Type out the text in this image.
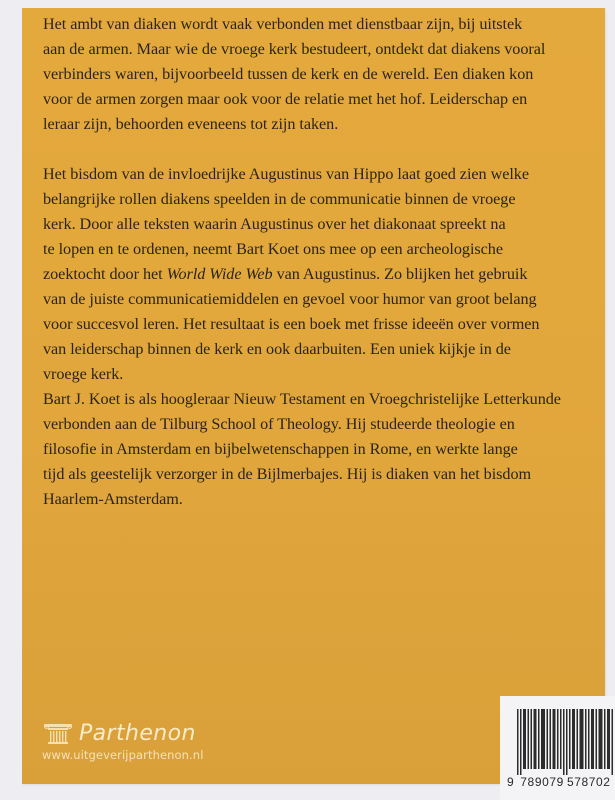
Het ambt van diaken wordt vaak verbonden met dienstbaar zijn, bij uitstek
aan de armen. Maar wie de vroege kerk bestudeert, ontdekt dat diakens vooral
verbinders waren, bijvoorbeeld tussen de kerk en de wereld. Een diaken kon
voor de armen zorgen maar ook voor de relatie met het hof. Leiderschap en
leraar zijn, behoorden eveneens tot zijn taken.
Het bisdom van de invloedrijke Augustinus van Hippo laat goed zien welke
belangrijke rollen diakens speelden in de communicatie binnen de vroege
kerk. Door alle teksten waarin Augustinus over het diakonaat spreekt na
te lopen en te ordenen, neemt Bart Koet ons mee op een archeologische
zoektocht door het World Wide Web van Augustinus. Zo blijken het gebruik
van de juiste communicatiemiddelen en gevoel voor humor van groot belang
voor succesvol leren. Het resultaat is een boek met frisse ideeën over vormen
van leiderschap binnen de kerk en ook daarbuiten. Een uniek kijkje in de
vroege kerk.
Bart J. Koet is als hoogleraar Nieuw Testament en Vroegchristelijke Letterkunde
verbonden aan de Tilburg School of Theology. Hij studeerde theologie en
filosofie in Amsterdam en bijbelwetenschappen in Rome, en werkte lange
tijd als geestelijk verzorger in de Bijlmerbajes. Hij is diaken van het bisdom
Haarlem-Amsterdam.
Parthenon
www.uitgeverijparthenon.nl
9 789079 578702
